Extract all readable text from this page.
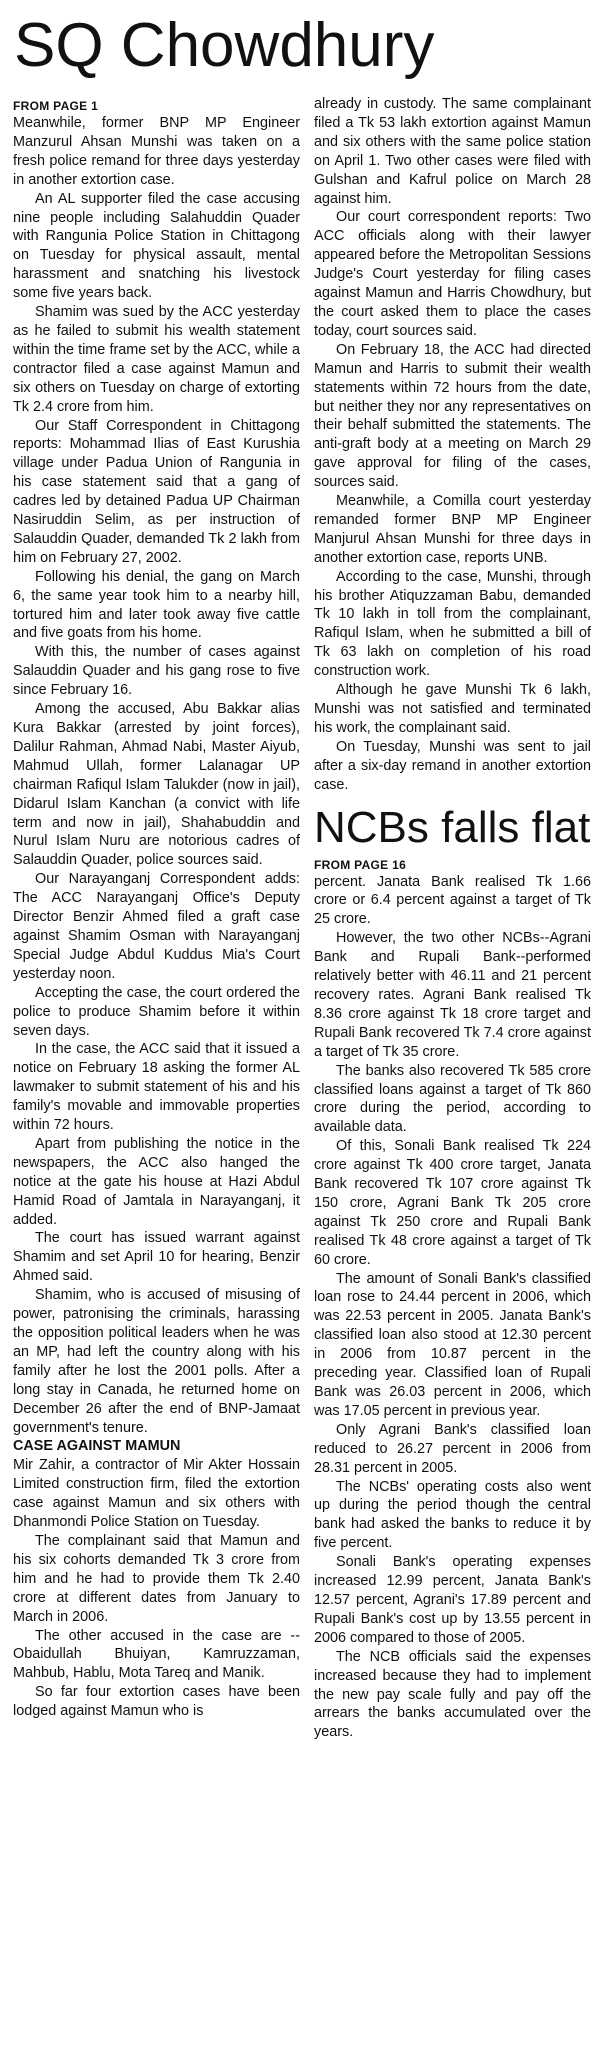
SQ Chowdhury
FROM PAGE 1

Meanwhile, former BNP MP Engineer Manzurul Ahsan Munshi was taken on a fresh police remand for three days yesterday in another extortion case.

An AL supporter filed the case accusing nine people including Salahuddin Quader with Rangunia Police Station in Chittagong on Tuesday for physical assault, mental harassment and snatching his livestock some five years back.

Shamim was sued by the ACC yesterday as he failed to submit his wealth statement within the time frame set by the ACC, while a contractor filed a case against Mamun and six others on Tuesday on charge of extorting Tk 2.4 crore from him.

Our Staff Correspondent in Chittagong reports: Mohammad Ilias of East Kurushia village under Padua Union of Rangunia in his case statement said that a gang of cadres led by detained Padua UP Chairman Nasiruddin Selim, as per instruction of Salauddin Quader, demanded Tk 2 lakh from him on February 27, 2002.

Following his denial, the gang on March 6, the same year took him to a nearby hill, tortured him and later took away five cattle and five goats from his home.

With this, the number of cases against Salauddin Quader and his gang rose to five since February 16.

Among the accused, Abu Bakkar alias Kura Bakkar (arrested by joint forces), Dalilur Rahman, Ahmad Nabi, Master Aiyub, Mahmud Ullah, former Lalanagar UP chairman Rafiqul Islam Talukder (now in jail), Didarul Islam Kanchan (a convict with life term and now in jail), Shahabuddin and Nurul Islam Nuru are notorious cadres of Salauddin Quader, police sources said.

Our Narayanganj Correspondent adds: The ACC Narayanganj Office's Deputy Director Benzir Ahmed filed a graft case against Shamim Osman with Narayanganj Special Judge Abdul Kuddus Mia's Court yesterday noon.

Accepting the case, the court ordered the police to produce Shamim before it within seven days.

In the case, the ACC said that it issued a notice on February 18 asking the former AL lawmaker to submit statement of his and his family's movable and immovable properties within 72 hours.

Apart from publishing the notice in the newspapers, the ACC also hanged the notice at the gate his house at Hazi Abdul Hamid Road of Jamtala in Narayanganj, it added.

The court has issued warrant against Shamim and set April 10 for hearing, Benzir Ahmed said.

Shamim, who is accused of misusing of power, patronising the criminals, harassing the opposition political leaders when he was an MP, had left the country along with his family after he lost the 2001 polls. After a long stay in Canada, he returned home on December 26 after the end of BNP-Jamaat government's tenure.

CASE AGAINST MAMUN

Mir Zahir, a contractor of Mir Akter Hossain Limited construction firm, filed the extortion case against Mamun and six others with Dhanmondi Police Station on Tuesday.

The complainant said that Mamun and his six cohorts demanded Tk 3 crore from him and he had to provide them Tk 2.40 crore at different dates from January to March in 2006.

The other accused in the case are -- Obaidullah Bhuiyan, Kamruzzaman, Mahbub, Hablu, Mota Tareq and Manik.

So far four extortion cases have been lodged against Mamun who is

already in custody. The same complainant filed a Tk 53 lakh extortion against Mamun and six others with the same police station on April 1. Two other cases were filed with Gulshan and Kafrul police on March 28 against him.

Our court correspondent reports: Two ACC officials along with their lawyer appeared before the Metropolitan Sessions Judge's Court yesterday for filing cases against Mamun and Harris Chowdhury, but the court asked them to place the cases today, court sources said.

On February 18, the ACC had directed Mamun and Harris to submit their wealth statements within 72 hours from the date, but neither they nor any representatives on their behalf submitted the statements. The anti-graft body at a meeting on March 29 gave approval for filing of the cases, sources said.

Meanwhile, a Comilla court yesterday remanded former BNP MP Engineer Manjurul Ahsan Munshi for three days in another extortion case, reports UNB.

According to the case, Munshi, through his brother Atiquzzaman Babu, demanded Tk 10 lakh in toll from the complainant, Rafiqul Islam, when he submitted a bill of Tk 63 lakh on completion of his road construction work.

Although he gave Munshi Tk 6 lakh, Munshi was not satisfied and terminated his work, the complainant said.

On Tuesday, Munshi was sent to jail after a six-day remand in another extortion case.

NCBs falls flat
FROM PAGE 16

percent. Janata Bank realised Tk 1.66 crore or 6.4 percent against a target of Tk 25 crore.

However, the two other NCBs--Agrani Bank and Rupali Bank--performed relatively better with 46.11 and 21 percent recovery rates. Agrani Bank realised Tk 8.36 crore against Tk 18 crore target and Rupali Bank recovered Tk 7.4 crore against a target of Tk 35 crore.

The banks also recovered Tk 585 crore classified loans against a target of Tk 860 crore during the period, according to available data.

Of this, Sonali Bank realised Tk 224 crore against Tk 400 crore target, Janata Bank recovered Tk 107 crore against Tk 150 crore, Agrani Bank Tk 205 crore against Tk 250 crore and Rupali Bank realised Tk 48 crore against a target of Tk 60 crore.

The amount of Sonali Bank's classified loan rose to 24.44 percent in 2006, which was 22.53 percent in 2005. Janata Bank's classified loan also stood at 12.30 percent in 2006 from 10.87 percent in the preceding year. Classified loan of Rupali Bank was 26.03 percent in 2006, which was 17.05 percent in previous year.

Only Agrani Bank's classified loan reduced to 26.27 percent in 2006 from 28.31 percent in 2005.

The NCBs' operating costs also went up during the period though the central bank had asked the banks to reduce it by five percent.

Sonali Bank's operating expenses increased 12.99 percent, Janata Bank's 12.57 percent, Agrani's 17.89 percent and Rupali Bank's cost up by 13.55 percent in 2006 compared to those of 2005.

The NCB officials said the expenses increased because they had to implement the new pay scale fully and pay off the arrears the banks accumulated over the years.
